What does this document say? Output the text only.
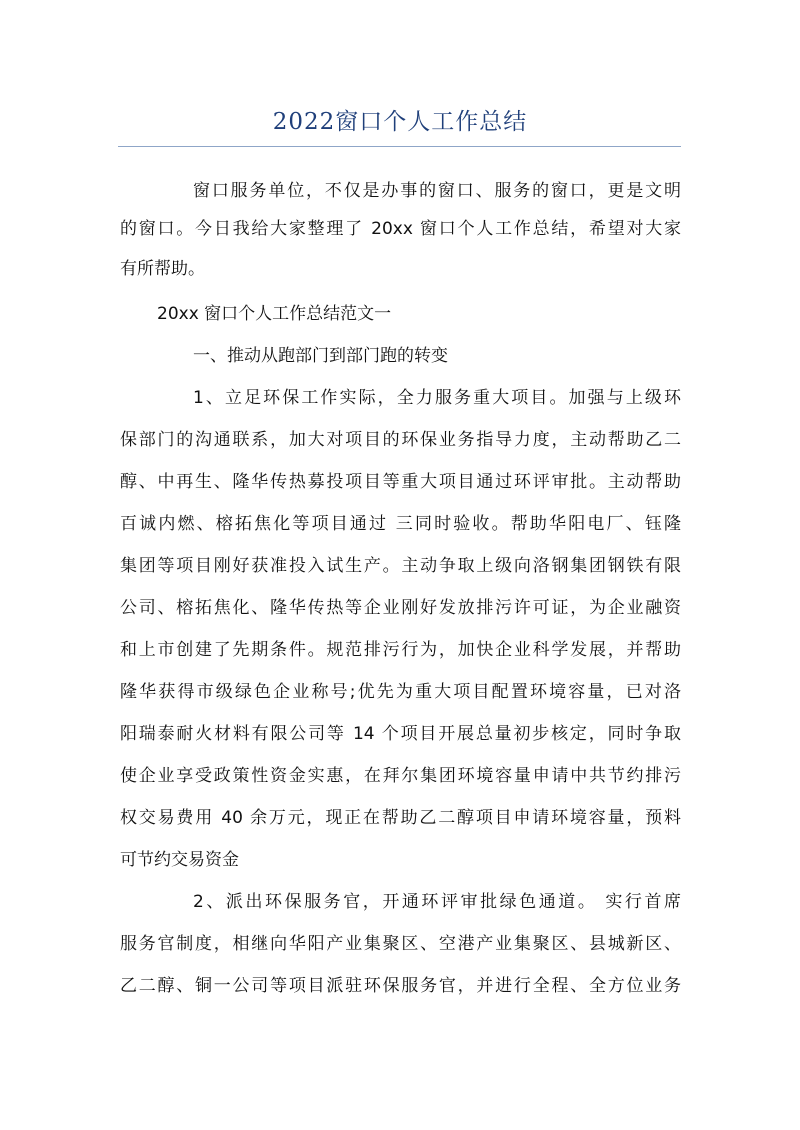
2022窗口个人工作总结
窗口服务单位，不仅是办事的窗口、服务的窗口，更是文明
的窗口。今日我给大家整理了 20xx 窗口个人工作总结，希望对大家
有所帮助。
20xx 窗口个人工作总结范文一
一、推动从跑部门到部门跑的转变
1、立足环保工作实际，全力服务重大项目。加强与上级环
保部门的沟通联系，加大对项目的环保业务指导力度，主动帮助乙二
醇、中再生、隆华传热募投项目等重大项目通过环评审批。主动帮助
百诚内燃、榕拓焦化等项目通过 三同时验收。帮助华阳电厂、钰隆
集团等项目刚好获准投入试生产。主动争取上级向洛钢集团钢铁有限
公司、榕拓焦化、隆华传热等企业刚好发放排污许可证，为企业融资
和上市创建了先期条件。规范排污行为，加快企业科学发展，并帮助
隆华获得市级绿色企业称号;优先为重大项目配置环境容量，已对洛
阳瑞泰耐火材料有限公司等 14 个项目开展总量初步核定，同时争取
使企业享受政策性资金实惠，在拜尔集团环境容量申请中共节约排污
权交易费用 40 余万元，现正在帮助乙二醇项目申请环境容量，预料
可节约交易资金
2、派出环保服务官，开通环评审批绿色通道。 实行首席
服务官制度，相继向华阳产业集聚区、空港产业集聚区、县城新区、
乙二醇、铜一公司等项目派驻环保服务官，并进行全程、全方位业务
